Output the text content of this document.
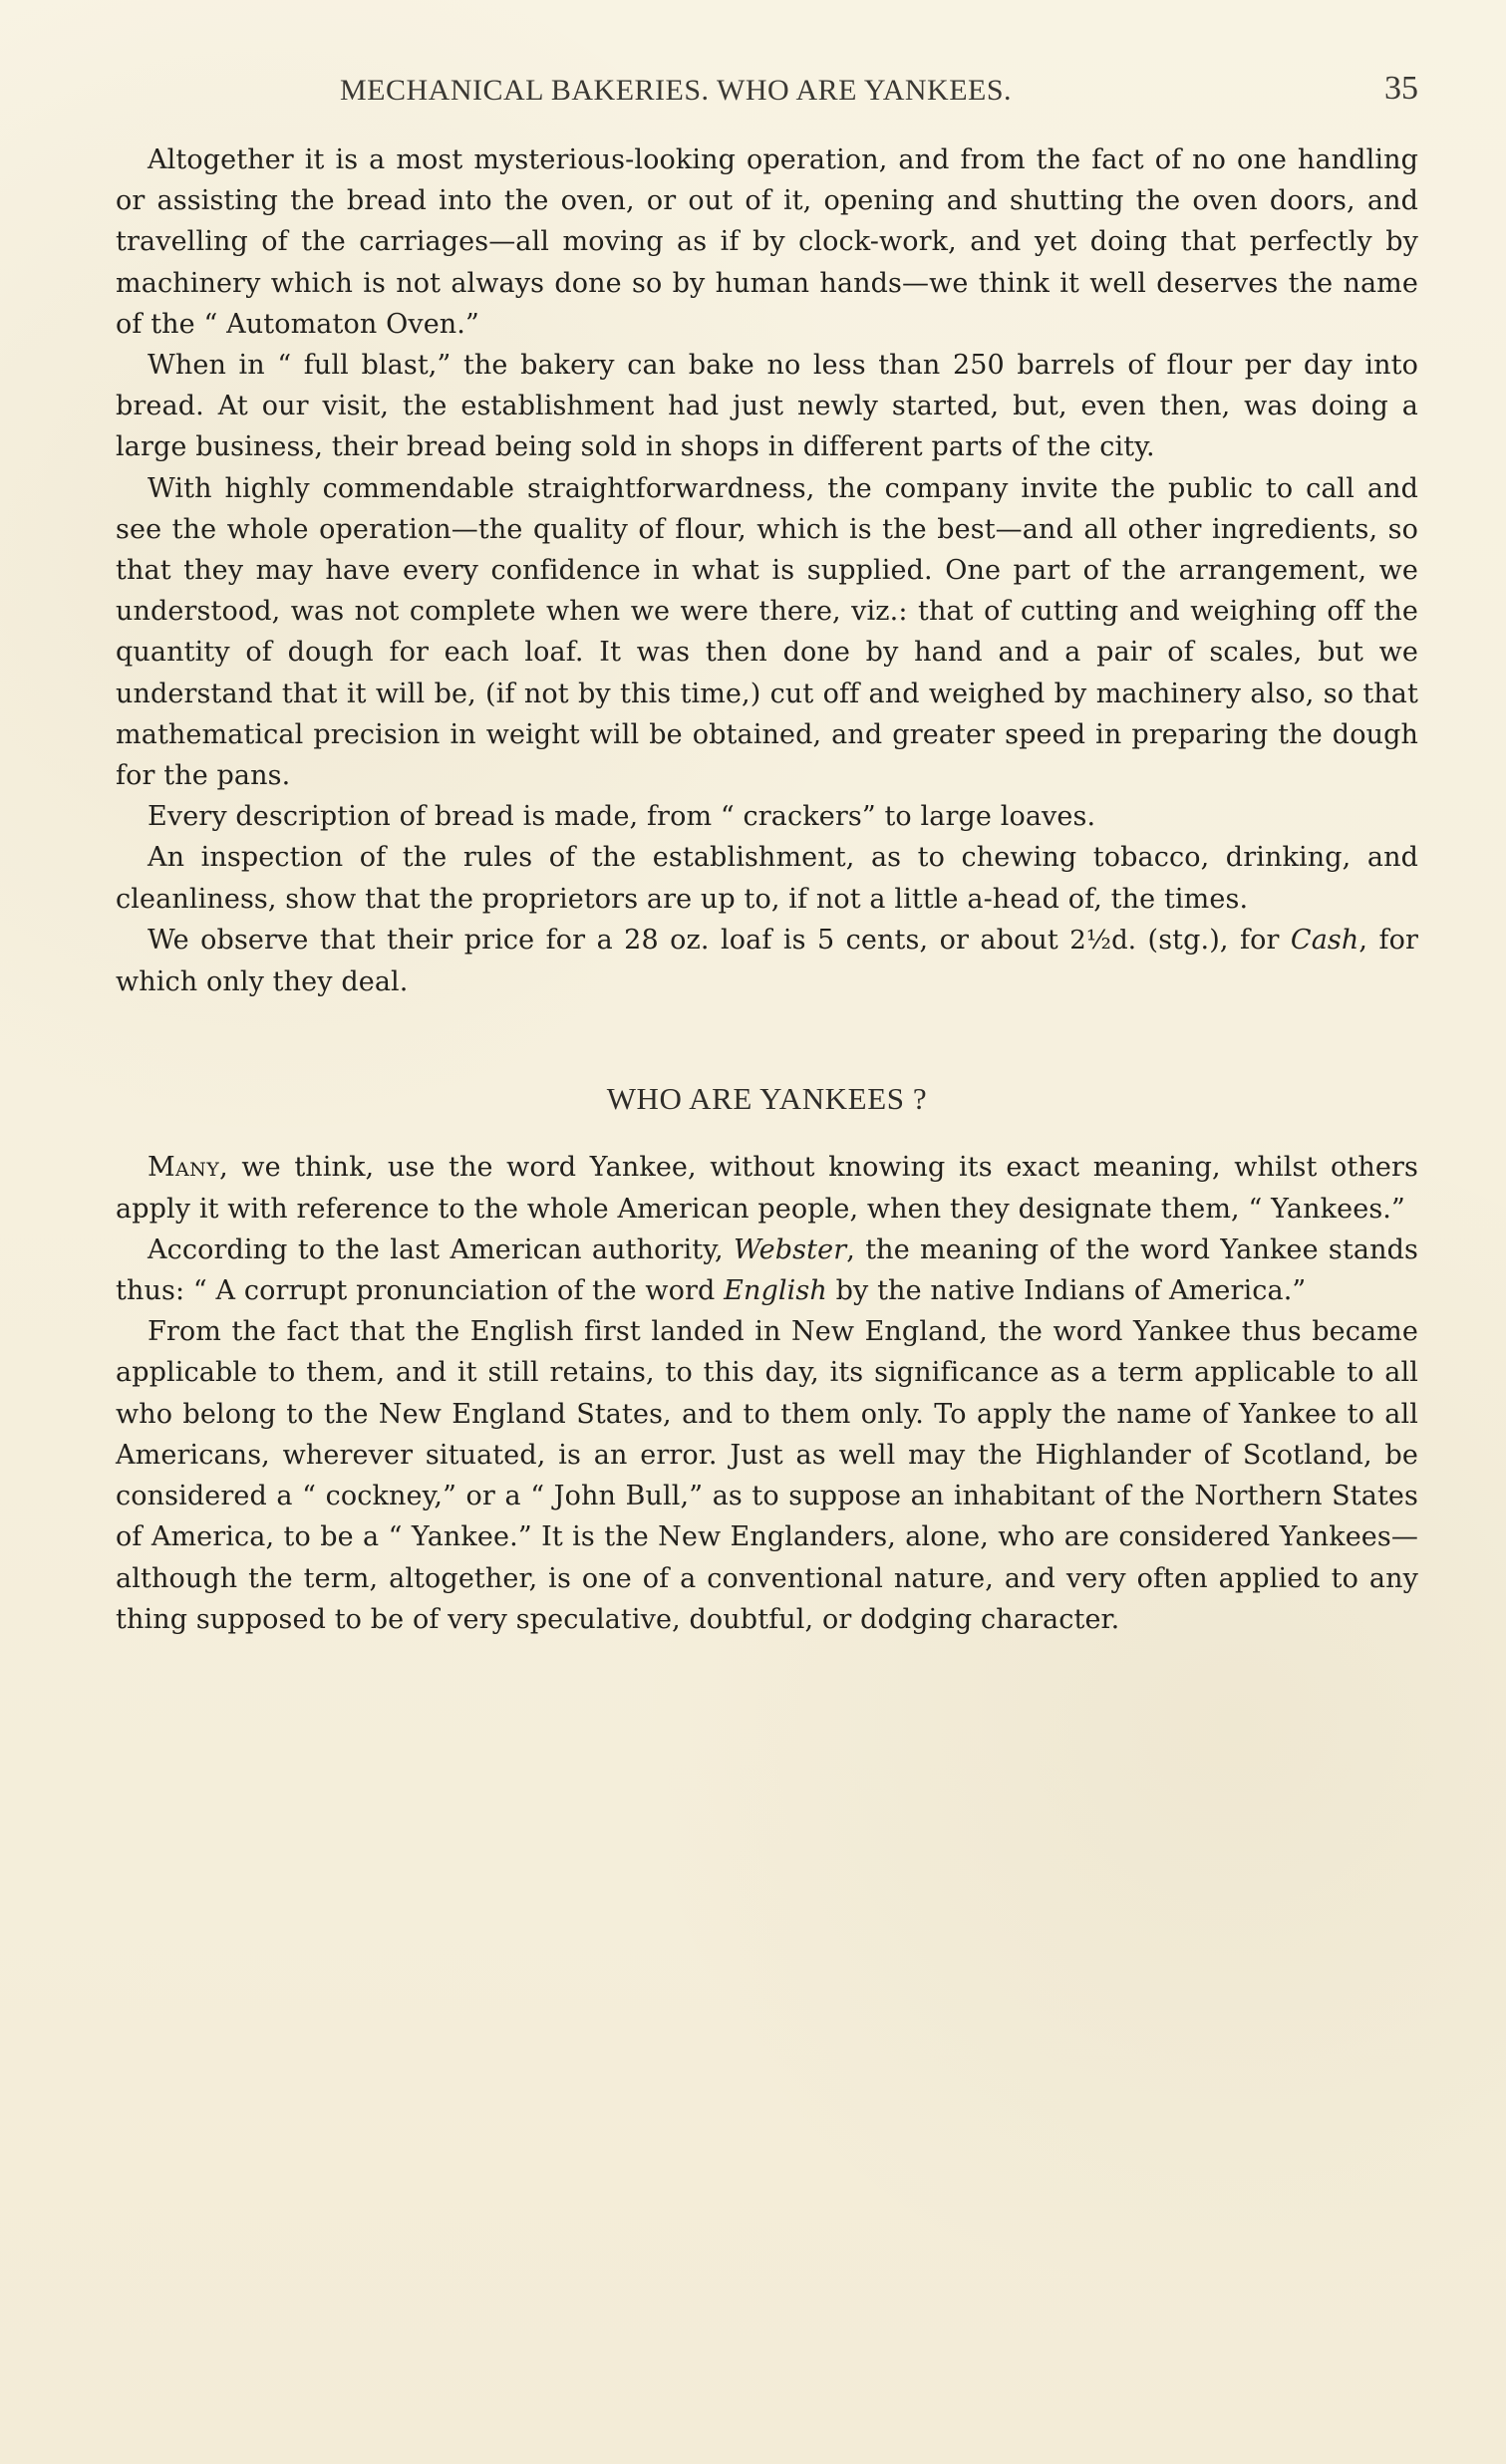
MECHANICAL BAKERIES. WHO ARE YANKEES.	35

Altogether it is a most mysterious-looking operation, and from the fact of no one handling or assisting the bread into the oven, or out of it, opening and shutting the oven doors, and travelling of the carriages—all moving as if by clock-work, and yet doing that perfectly by machinery which is not always done so by human hands—we think it well deserves the name of the “ Automaton Oven.”

When in “ full blast,” the bakery can bake no less than 250 barrels of flour per day into bread. At our visit, the establishment had just newly started, but, even then, was doing a large business, their bread being sold in shops in different parts of the city.

With highly commendable straightforwardness, the company invite the public to call and see the whole operation—the quality of flour, which is the best—and all other ingredients, so that they may have every confidence in what is supplied. One part of the arrangement, we understood, was not complete when we were there, viz.: that of cutting and weighing off the quantity of dough for each loaf. It was then done by hand and a pair of scales, but we understand that it will be, (if not by this time,) cut off and weighed by machinery also, so that mathematical precision in weight will be obtained, and greater speed in preparing the dough for the pans.

Every description of bread is made, from “ crackers” to large loaves.

An inspection of the rules of the establishment, as to chewing tobacco, drinking, and cleanliness, show that the proprietors are up to, if not a little a-head of, the times.

We observe that their price for a 28 oz. loaf is 5 cents, or about 2½d. (stg.), for Cash, for which only they deal.

WHO ARE YANKEES ?

Many, we think, use the word Yankee, without knowing its exact meaning, whilst others apply it with reference to the whole American people, when they designate them, “ Yankees.”

According to the last American authority, Webster, the meaning of the word Yankee stands thus: “ A corrupt pronunciation of the word English by the native Indians of America.”

From the fact that the English first landed in New England, the word Yankee thus became applicable to them, and it still retains, to this day, its significance as a term applicable to all who belong to the New England States, and to them only. To apply the name of Yankee to all Americans, wherever situated, is an error. Just as well may the Highlander of Scotland, be considered a “ cockney,” or a “ John Bull,” as to suppose an inhabitant of the Northern States of America, to be a “ Yankee.” It is the New Englanders, alone, who are considered Yankees—although the term, altogether, is one of a conventional nature, and very often applied to any thing supposed to be of very speculative, doubtful, or dodging character.
